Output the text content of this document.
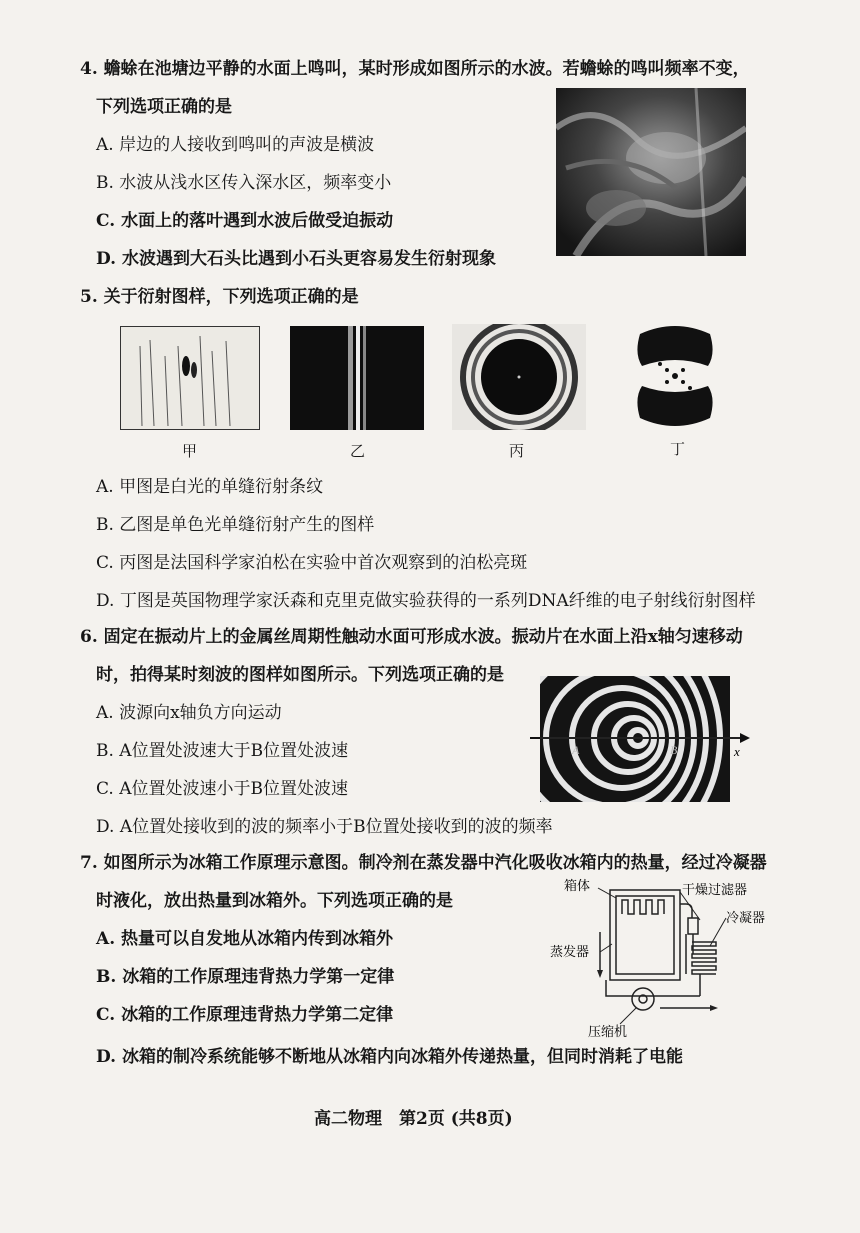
4. 蟾蜍在池塘边平静的水面上鸣叫，某时形成如图所示的水波。若蟾蜍的鸣叫频率不变，
下列选项正确的是
A. 岸边的人接收到鸣叫的声波是横波
B. 水波从浅水区传入深水区，频率变小
C. 水面上的落叶遇到水波后做受迫振动
D. 水波遇到大石头比遇到小石头更容易发生衍射现象
5. 关于衍射图样，下列选项正确的是
甲	乙	丙	丁
A. 甲图是白光的单缝衍射条纹
B. 乙图是单色光单缝衍射产生的图样
C. 丙图是法国科学家泊松在实验中首次观察到的泊松亮斑
D. 丁图是英国物理学家沃森和克里克做实验获得的一系列DNA纤维的电子射线衍射图样
6. 固定在振动片上的金属丝周期性触动水面可形成水波。振动片在水面上沿x轴匀速移动
时，拍得某时刻波的图样如图所示。下列选项正确的是
A. 波源向x轴负方向运动
B. A位置处波速大于B位置处波速
C. A位置处波速小于B位置处波速
D. A位置处接收到的波的频率小于B位置处接收到的波的频率
x
A	B
7. 如图所示为冰箱工作原理示意图。制冷剂在蒸发器中汽化吸收冰箱内的热量，经过冷凝器
时液化，放出热量到冰箱外。下列选项正确的是
A. 热量可以自发地从冰箱内传到冰箱外
B. 冰箱的工作原理违背热力学第一定律
C. 冰箱的工作原理违背热力学第二定律
D. 冰箱的制冷系统能够不断地从冰箱内向冰箱外传递热量，但同时消耗了电能
箱体	干燥过滤器
冷凝器
蒸发器
压缩机
高二物理　第2页 (共8页)
